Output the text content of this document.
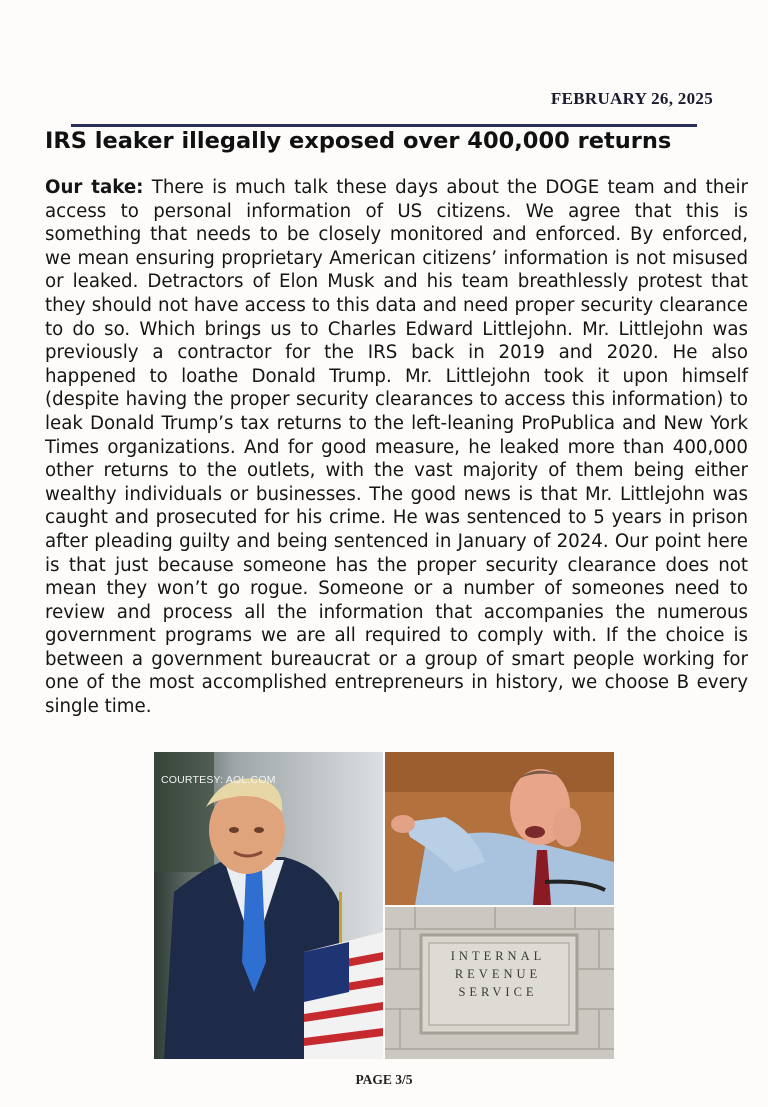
FEBRUARY 26, 2025
IRS leaker illegally exposed over 400,000 returns

Our take: There is much talk these days about the DOGE team and their access to personal information of US citizens. We agree that this is something that needs to be closely monitored and enforced. By enforced, we mean ensuring proprietary American citizens’ information is not misused or leaked. Detractors of Elon Musk and his team breathlessly protest that they should not have access to this data and need proper security clearance to do so. Which brings us to Charles Edward Littlejohn. Mr. Littlejohn was previously a contractor for the IRS back in 2019 and 2020. He also happened to loathe Donald Trump. Mr. Littlejohn took it upon himself (despite having the proper security clearances to access this information) to leak Donald Trump’s tax returns to the left-leaning ProPublica and New York Times organizations. And for good measure, he leaked more than 400,000 other returns to the outlets, with the vast majority of them being either wealthy individuals or businesses. The good news is that Mr. Littlejohn was caught and prosecuted for his crime. He was sentenced to 5 years in prison after pleading guilty and being sentenced in January of 2024. Our point here is that just because someone has the proper security clearance does not mean they won’t go rogue. Someone or a number of someones need to review and process all the information that accompanies the numerous government programs we are all required to comply with. If the choice is between a government bureaucrat or a group of smart people working for one of the most accomplished entrepreneurs in history, we choose B every single time.

COURTESY: AOL.COM
INTERNAL
REVENUE
SERVICE
PAGE 3/5
